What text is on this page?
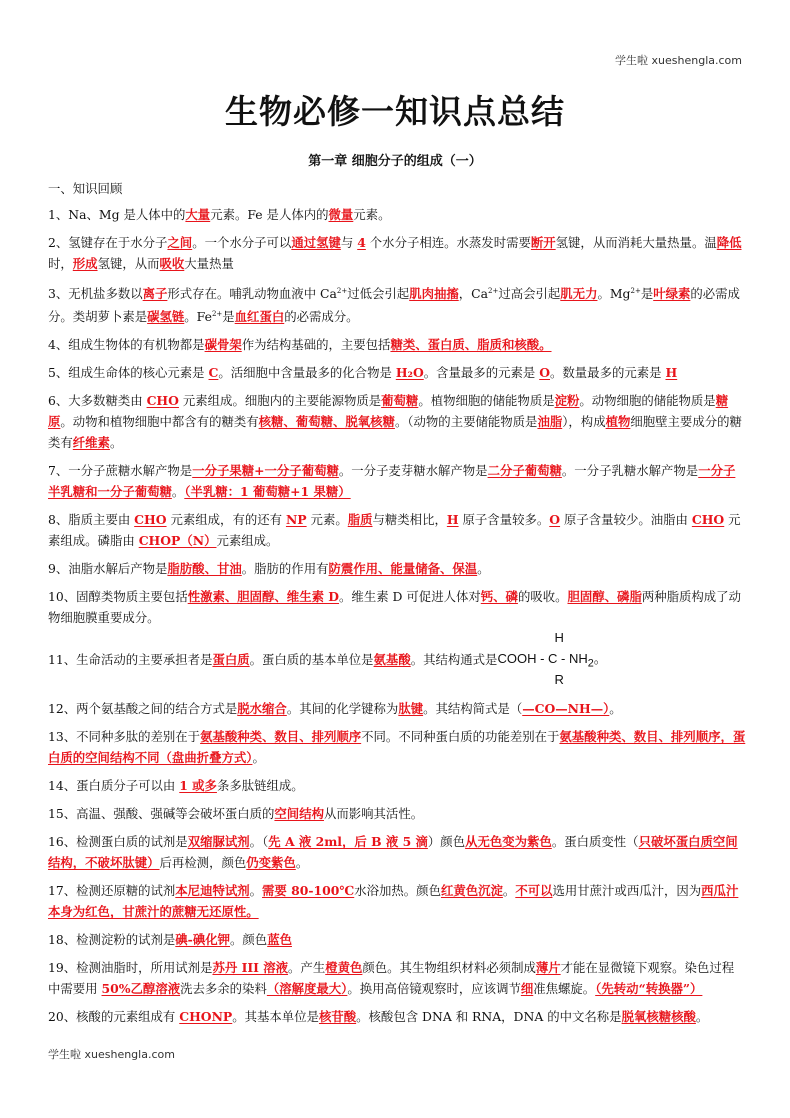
学生啦 xueshengla.com
生物必修一知识点总结
第一章 细胞分子的组成（一）

一、知识回顾

1、Na、Mg 是人体中的大量元素。Fe 是人体内的微量元素。

2、氢键存在于水分子之间。一个水分子可以通过氢键与 4 个水分子相连。水蒸发时需要断开氢键，从而消耗大量热量。温降低时，形成氢键，从而吸收大量热量

3、无机盐多数以离子形式存在。哺乳动物血液中 $Ca^{2+}$过低会引起肌肉抽搐，$Ca^{2+}$过高会引起肌无力。$Mg^{2+}$是叶绿素的必需成分。类胡萝卜素是碳氢链。$Fe^{2+}$是血红蛋白的必需成分。

4、组成生物体的有机物都是碳骨架作为结构基础的，主要包括糖类、蛋白质、脂质和核酸。

5、组成生命体的核心元素是 C。活细胞中含量最多的化合物是 H₂O。含量最多的元素是 O。数量最多的元素是 H

6、大多数糖类由 CHO 元素组成。细胞内的主要能源物质是葡萄糖。植物细胞的储能物质是淀粉。动物细胞的储能物质是糖原。动物和植物细胞中都含有的糖类有核糖、葡萄糖、脱氧核糖。（动物的主要储能物质是油脂），构成植物细胞壁主要成分的糖类有纤维素。

7、一分子蔗糖水解产物是一分子果糖+一分子葡萄糖。一分子麦芽糖水解产物是二分子葡萄糖。一分子乳糖水解产物是一分子半乳糖和一分子葡萄糖。（半乳糖：1 葡萄糖+1 果糖）

8、脂质主要由 CHO 元素组成，有的还有 NP 元素。脂质与糖类相比，H 原子含量较多。O 原子含量较少。油脂由 CHO 元素组成。磷脂由 CHOP（N）元素组成。

9、油脂水解后产物是脂肪酸、甘油。脂肪的作用有防震作用、能量储备、保温。

10、固醇类物质主要包括性激素、胆固醇、维生素 D。维生素 D 可促进人体对钙、磷的吸收。胆固醇、磷脂两种脂质构成了动物细胞膜重要成分。

11、生命活动的主要承担者是蛋白质。蛋白质的基本单位是氨基酸。其结构通式是
H
COOH - C - $NH_2$。
R

12、两个氨基酸之间的结合方式是脱水缩合。其间的化学键称为肽键。其结构简式是（—CO—NH—）。

13、不同种多肽的差别在于氨基酸种类、数目、排列顺序不同。不同种蛋白质的功能差别在于氨基酸种类、数目、排列顺序，蛋白质的空间结构不同（盘曲折叠方式）。

14、蛋白质分子可以由 1 或多条多肽链组成。

15、高温、强酸、强碱等会破坏蛋白质的空间结构从而影响其活性。

16、检测蛋白质的试剂是双缩脲试剂。（先 A 液 2ml，后 B 液 5 滴）颜色从无色变为紫色。蛋白质变性（只破坏蛋白质空间结构，不破坏肽键）后再检测，颜色仍变紫色。

17、检测还原糖的试剂本尼迪特试剂。需要 80-100℃水浴加热。颜色红黄色沉淀。不可以选用甘蔗汁或西瓜汁，因为西瓜汁本身为红色，甘蔗汁的蔗糖无还原性。

18、检测淀粉的试剂是碘-碘化钾。颜色蓝色

19、检测油脂时，所用试剂是苏丹 III 溶液。产生橙黄色颜色。其生物组织材料必须制成薄片才能在显微镜下观察。染色过程中需要用 50%乙醇溶液洗去多余的染料（溶解度最大）。换用高倍镜观察时，应该调节细准焦螺旋。（先转动“转换器”）

20、核酸的元素组成有 CHONP。其基本单位是核苷酸。核酸包含 DNA 和 RNA，DNA 的中文名称是脱氧核糖核酸。

学生啦 xueshengla.com
